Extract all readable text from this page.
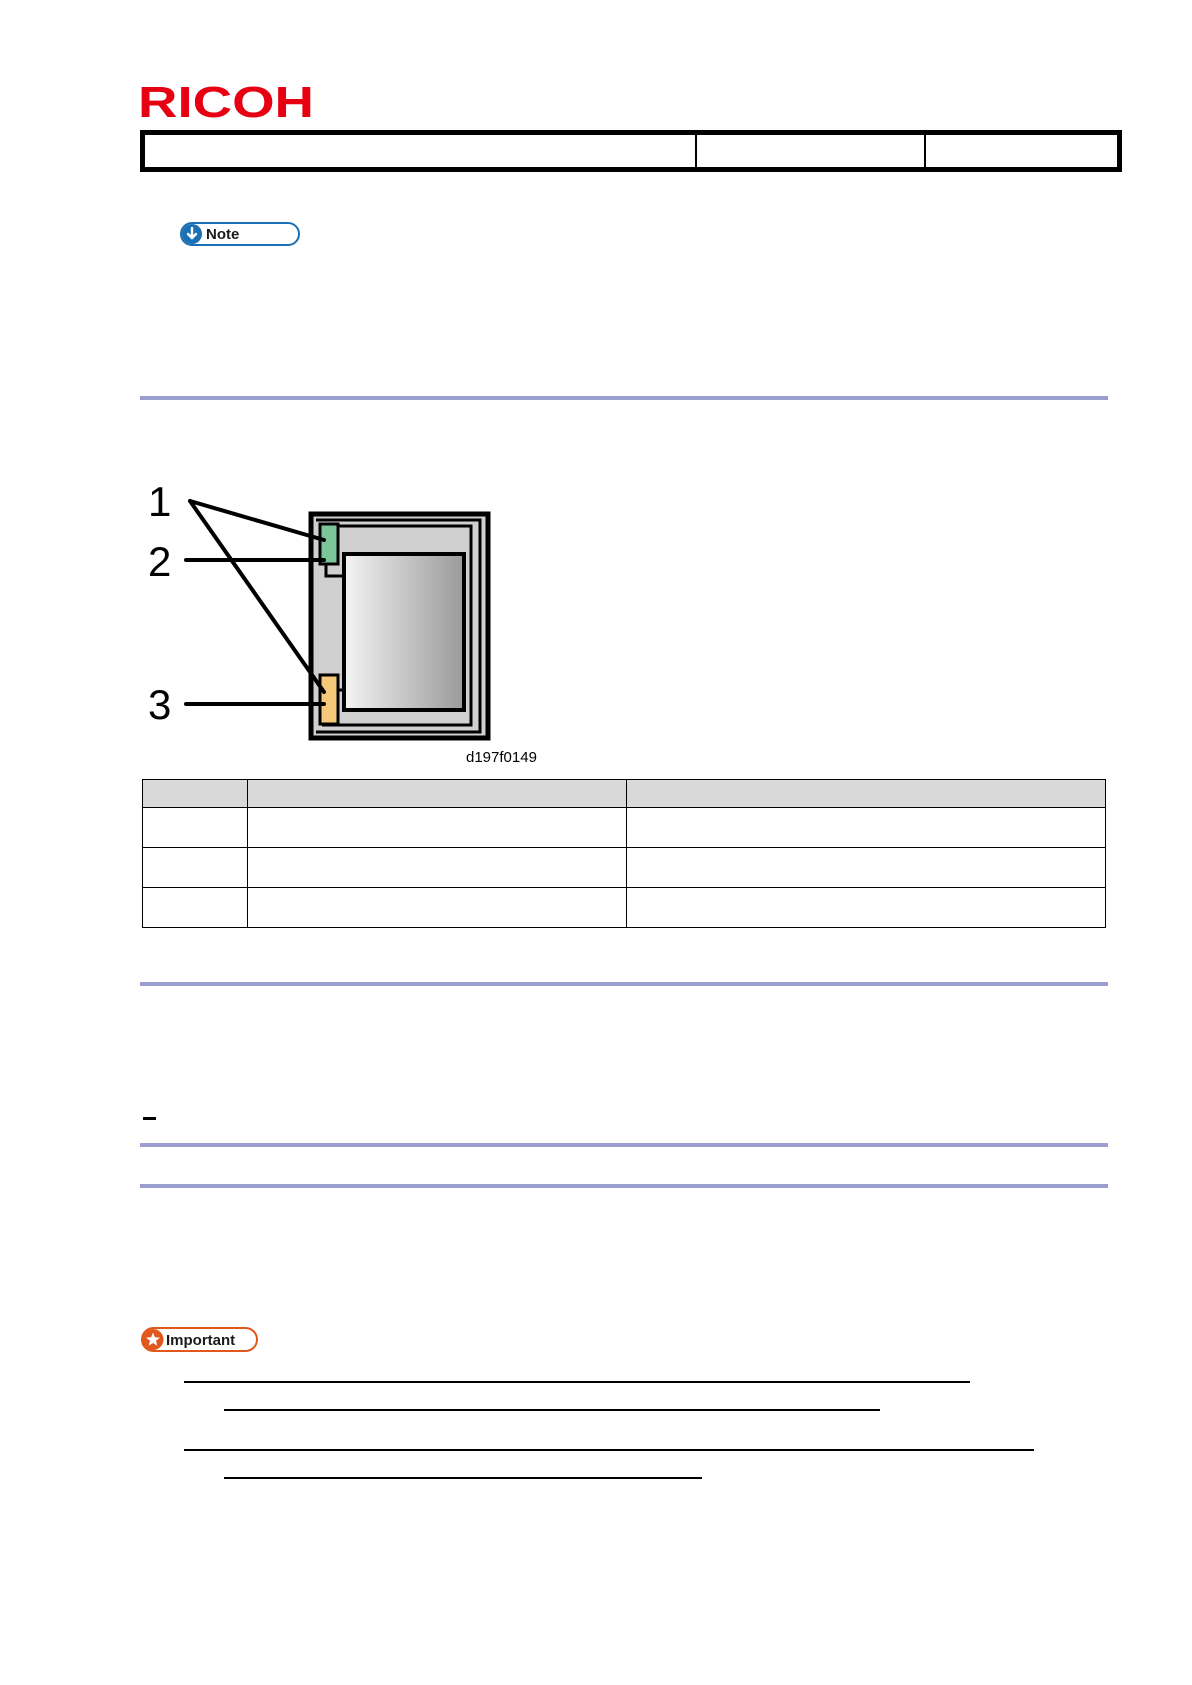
RICOH
Note
1
2
3
d197f0149

Important
